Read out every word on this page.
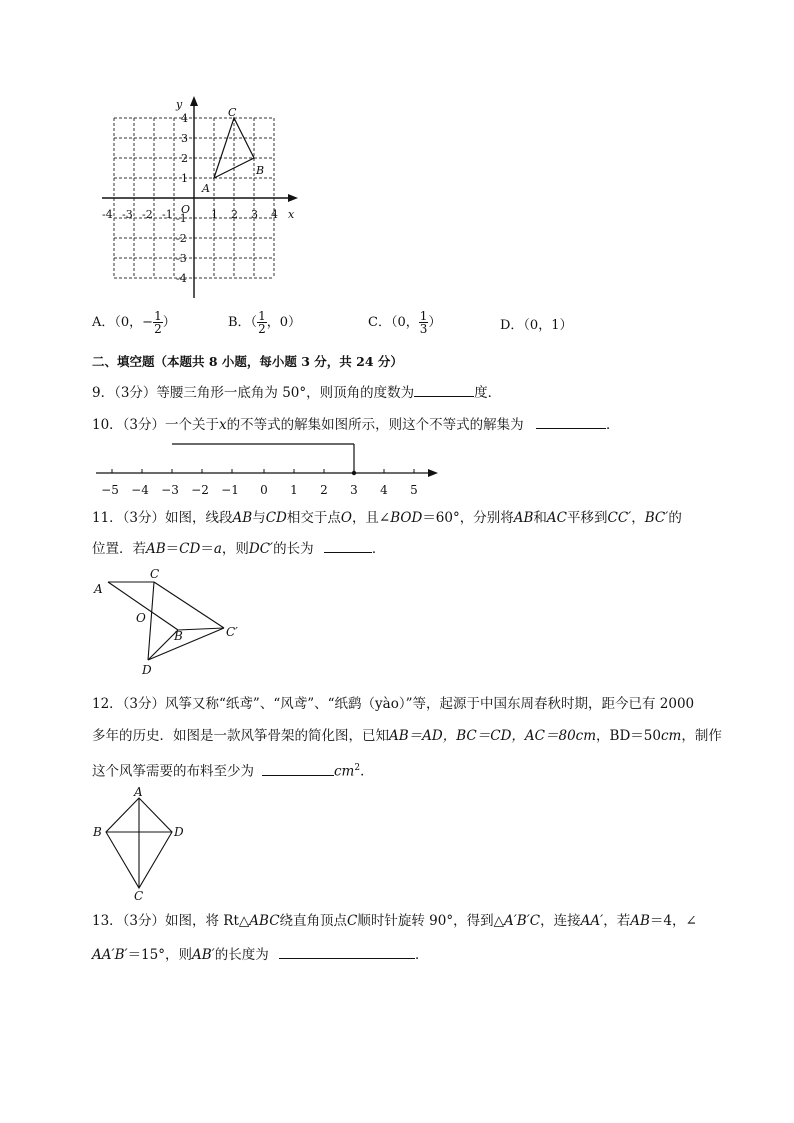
y
x
O
-4 -3 -2 -1	1 2 3 4
4
3
2
1
-1
-2
-3
-4
A
B
C
A．（0，− $\frac{1}{2}$ ）	B．（ $\frac{1}{2}$ ，0）	C．（0， $\frac{1}{3}$ ）	D．（0，1）
二、填空题（本题共 8 小题，每小题 3 分，共 24 分）
9．（3分）等腰三角形一底角为 50°，则顶角的度数为	度．
10．（3分）一个关于x的不等式的解集如图所示，则这个不等式的解集为	．
−5 −4 −3 −2 −1 0 1 2 3 4 5
11．（3分）如图，线段AB与CD相交于点O，且∠BOD＝60°，分别将AB和AC平移到CC′，BC′的
位置．若AB＝CD＝a，则DC′的长为	．
A
C
O
B	C′
D
12．（3分）风筝又称“纸鸢”、“风鸢”、“纸鹞（yào）”等，起源于中国东周春秋时期，距今已有 2000
多年的历史．如图是一款风筝骨架的简化图，已知AB＝AD，BC＝CD，AC＝80cm，BD＝50cm，制作
这个风筝需要的布料至少为	$cm^2$．
A
B
C
D
13．（3分）如图，将 Rt△ABC绕直角顶点C顺时针旋转 90°，得到△A′B′C，连接AA′，若AB＝4，∠
AA′B′＝15°，则AB′的长度为	．
